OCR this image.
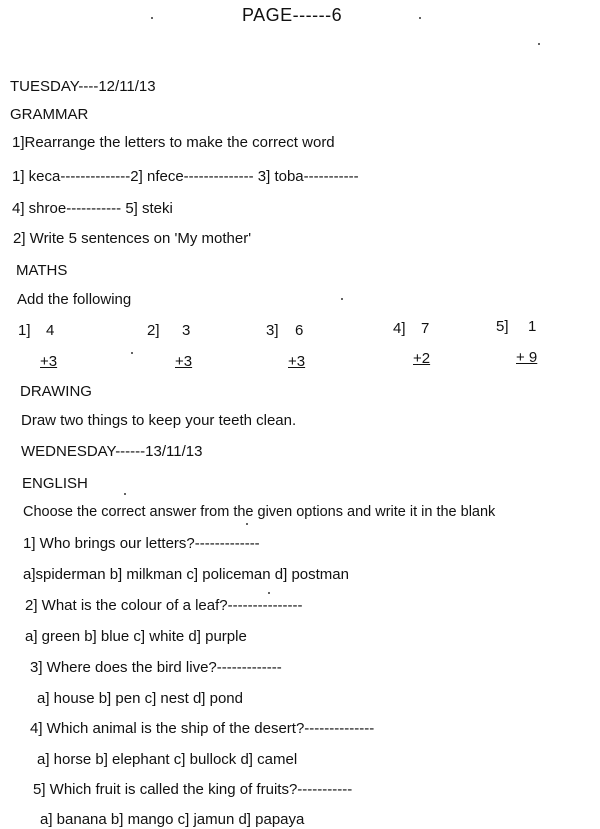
PAGE------6
TUESDAY----12/11/13
GRAMMAR
1]Rearrange the letters to make the correct word
1] keca--------------2] nfece-------------- 3] toba-----------
4] shroe----------- 5] steki
2] Write 5 sentences on 'My mother'
MATHS
Add the following
1] 4
+3
2] 3
+3
3] 6
+3
4] 7
+2
5] 1
+ 9
DRAWING
Draw two things to keep your teeth clean.
WEDNESDAY------13/11/13
ENGLISH
Choose the correct answer from the given options and write it in the blank
1] Who brings our letters?-------------
a]spiderman b] milkman c] policeman d] postman
2] What is the colour of a leaf?---------------
a] green b] blue c] white d] purple
3] Where does the bird live?-------------
a] house b] pen c] nest d] pond
4] Which animal is the ship of the desert?--------------
a] horse b] elephant c] bullock d] camel
5] Which fruit is called the king of fruits?-----------
a] banana b] mango c] jamun d] papaya
